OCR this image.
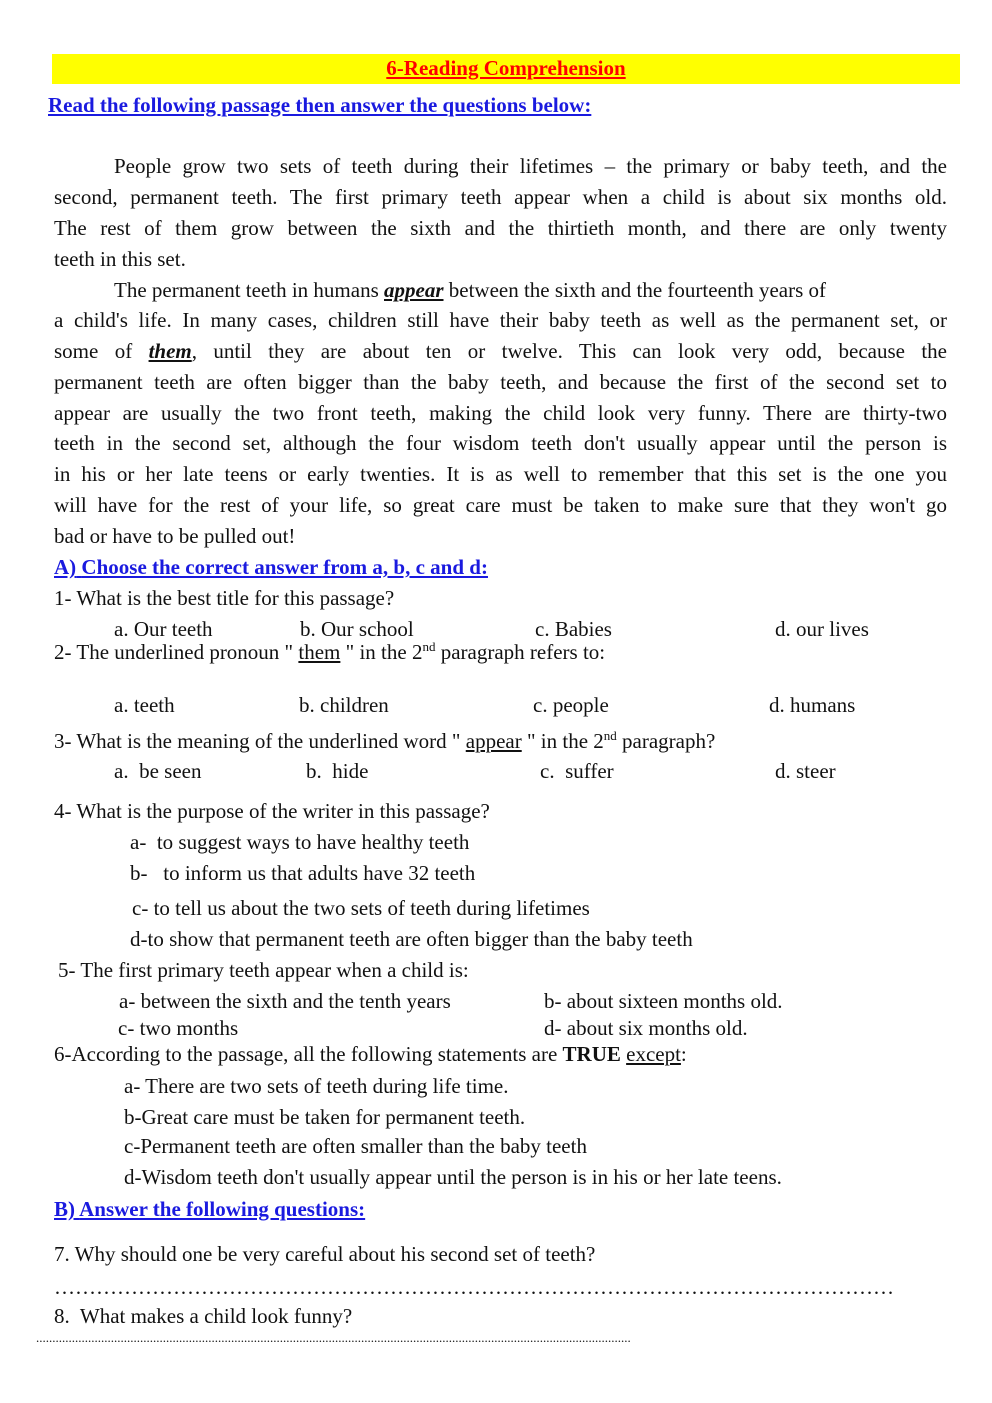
6-Reading Comprehension
Read the following passage then answer the questions below:
People grow two sets of teeth during their lifetimes – the primary or baby teeth, and the
second, permanent teeth. The first primary teeth appear when a child is about six months old.
The rest of them grow between the sixth and the thirtieth month, and there are only twenty
teeth in this set.
The permanent teeth in humans appear between the sixth and the fourteenth years of
a child's life. In many cases, children still have their baby teeth as well as the permanent set, or
some of them, until they are about ten or twelve. This can look very odd, because the
permanent teeth are often bigger than the baby teeth, and because the first of the second set to
appear are usually the two front teeth, making the child look very funny. There are thirty-two
teeth in the second set, although the four wisdom teeth don't usually appear until the person is
in his or her late teens or early twenties. It is as well to remember that this set is the one you
will have for the rest of your life, so great care must be taken to make sure that they won't go
bad or have to be pulled out!
A) Choose the correct answer from a, b, c and d:
1- What is the best title for this passage?
a. Our teeth	b. Our school	c. Babies	d. our lives
2- The underlined pronoun " them " in the 2nd paragraph refers to:
a. teeth	b. children	c. people	d. humans
3- What is the meaning of the underlined word " appear " in the 2nd paragraph?
a.  be seen	b.  hide	c.  suffer	d. steer
4- What is the purpose of the writer in this passage?
a-  to suggest ways to have healthy teeth
b-   to inform us that adults have 32 teeth
c- to tell us about the two sets of teeth during lifetimes
d-to show that permanent teeth are often bigger than the baby teeth
5- The first primary teeth appear when a child is:
a- between the sixth and the tenth years	b- about sixteen months old.
c- two months	d- about six months old.
6-According to the passage, all the following statements are TRUE except:
a- There are two sets of teeth during life time.
b-Great care must be taken for permanent teeth.
c-Permanent teeth are often smaller than the baby teeth
d-Wisdom teeth don't usually appear until the person is in his or her late teens.
B) Answer the following questions:
7. Why should one be very careful about his second set of teeth?
…………………………………………………………………………………………………………
8.  What makes a child look funny?
.......................................................................................................................................................................................
